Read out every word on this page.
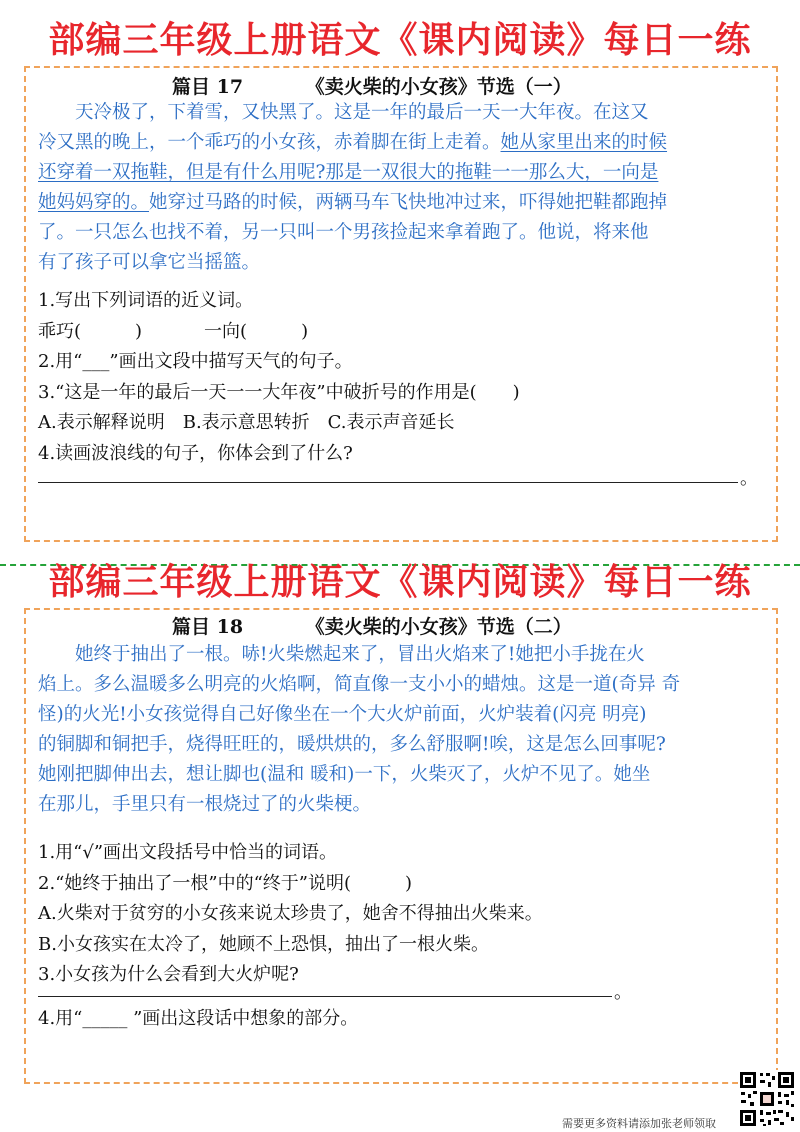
部编三年级上册语文《课内阅读》每日一练
篇目 17	《卖火柴的小女孩》节选（一）
　　天冷极了，下着雪，又快黑了。这是一年的最后一天一大年夜。在这又
冷又黑的晚上，一个乖巧的小女孩，赤着脚在街上走着。她从家里出来的时候
还穿着一双拖鞋，但是有什么用呢?那是一双很大的拖鞋一一那么大，一向是
她妈妈穿的。她穿过马路的时候，两辆马车飞快地冲过来，吓得她把鞋都跑掉
了。一只怎么也找不着，另一只叫一个男孩捡起来拿着跑了。他说，将来他
有了孩子可以拿它当摇篮。
1.写出下列词语的近义词。
乖巧(　　　)	一向(　　　)
2.用“___”画出文段中描写天气的句子。
3.“这是一年的最后一天一一大年夜”中破折号的作用是(　　)
A.表示解释说明　B.表示意思转折　C.表示声音延长
4.读画波浪线的句子，你体会到了什么?
。
部编三年级上册语文《课内阅读》每日一练
篇目 18	《卖火柴的小女孩》节选（二）
　　她终于抽出了一根。哧!火柴燃起来了，冒出火焰来了!她把小手拢在火
焰上。多么温暖多么明亮的火焰啊，简直像一支小小的蜡烛。这是一道(奇异 奇
怪)的火光!小女孩觉得自己好像坐在一个大火炉前面，火炉装着(闪亮 明亮)
的铜脚和铜把手，烧得旺旺的，暖烘烘的，多么舒服啊!唉，这是怎么回事呢?
她刚把脚伸出去，想让脚也(温和 暖和)一下，火柴灭了，火炉不见了。她坐
在那儿，手里只有一根烧过了的火柴梗。
1.用“√”画出文段括号中恰当的词语。
2.“她终于抽出了一根”中的“终于”说明(　　　)
A.火柴对于贫穷的小女孩来说太珍贵了，她舍不得抽出火柴来。
B.小女孩实在太冷了，她顾不上恐惧，抽出了一根火柴。
3.小女孩为什么会看到大火炉呢?
。
4.用“_____ ”画出这段话中想象的部分。
需要更多资料请添加张老师领取
